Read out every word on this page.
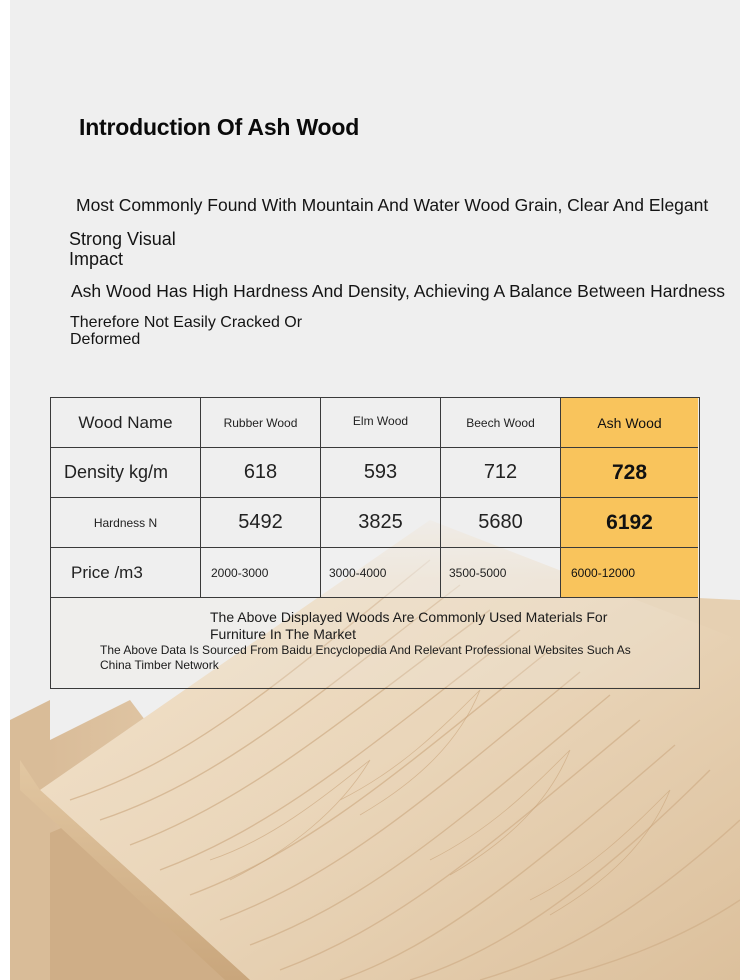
Introduction Of Ash Wood
Most Commonly Found With Mountain And Water Wood Grain, Clear And Elegant
Strong Visual Impact
Ash Wood Has High Hardness And Density, Achieving A Balance Between Hardness
Therefore Not Easily Cracked Or Deformed
Wood Name	Rubber Wood	Elm Wood	Beech Wood	Ash Wood
Density kg/m	618	593	712	728
Hardness N	5492	3825	5680	6192
Price /m3	2000-3000	3000-4000	3500-5000	6000-12000
The Above Displayed Woods Are Commonly Used Materials For Furniture In The Market
The Above Data Is Sourced From Baidu Encyclopedia And Relevant Professional Websites Such As China Timber Network
